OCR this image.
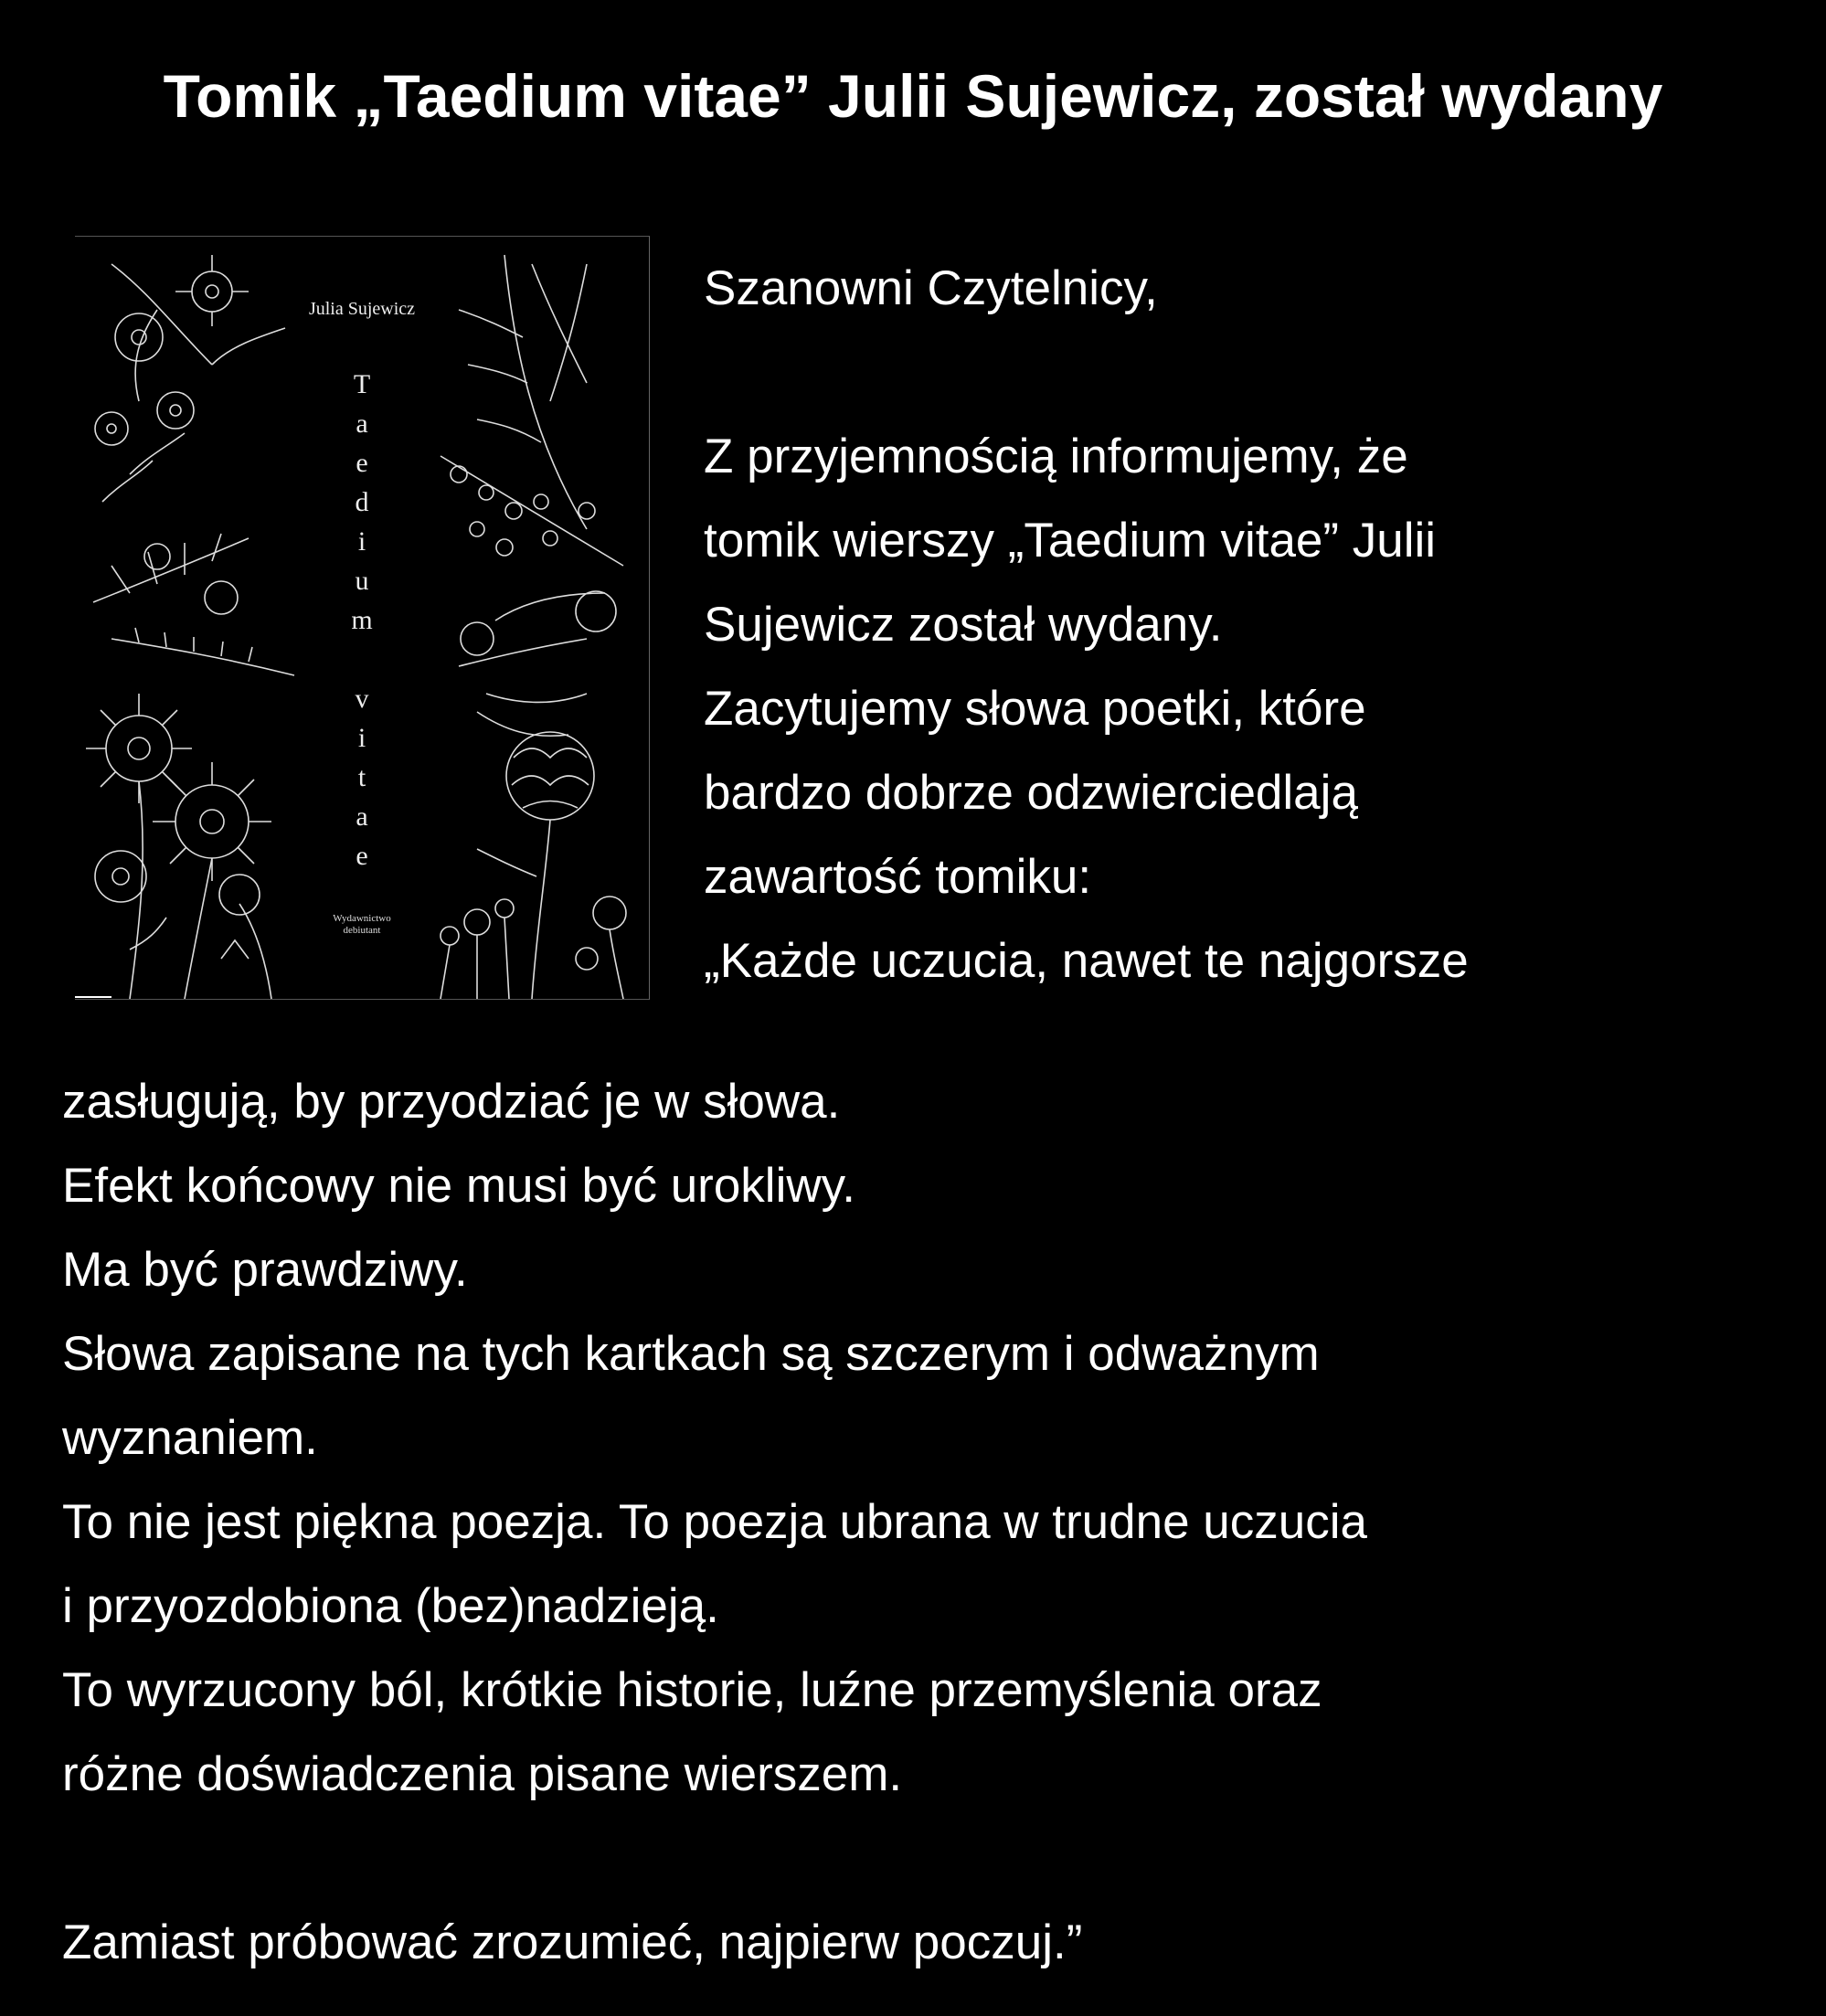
Tomik „Taedium vitae” Julii Sujewicz, został wydany
Julia Sujewicz
T
a
e
d
i
u
m
v
i
t
a
e
Wydawnictwo
debiutant
Szanowni Czytelnicy,
Z przyjemnością informujemy, że
tomik wierszy „Taedium vitae” Julii
Sujewicz został wydany.
Zacytujemy słowa poetki, które
bardzo dobrze odzwierciedlają
zawartość tomiku:
„Każde uczucia, nawet te najgorsze
zasługują, by przyodziać je w słowa.
Efekt końcowy nie musi być urokliwy.
Ma być prawdziwy.
Słowa zapisane na tych kartkach są szczerym i odważnym
wyznaniem.
To nie jest piękna poezja. To poezja ubrana w trudne uczucia
i przyozdobiona (bez)nadzieją.
To wyrzucony ból, krótkie historie, luźne przemyślenia oraz
różne doświadczenia pisane wierszem.
Zamiast próbować zrozumieć, najpierw poczuj.”
